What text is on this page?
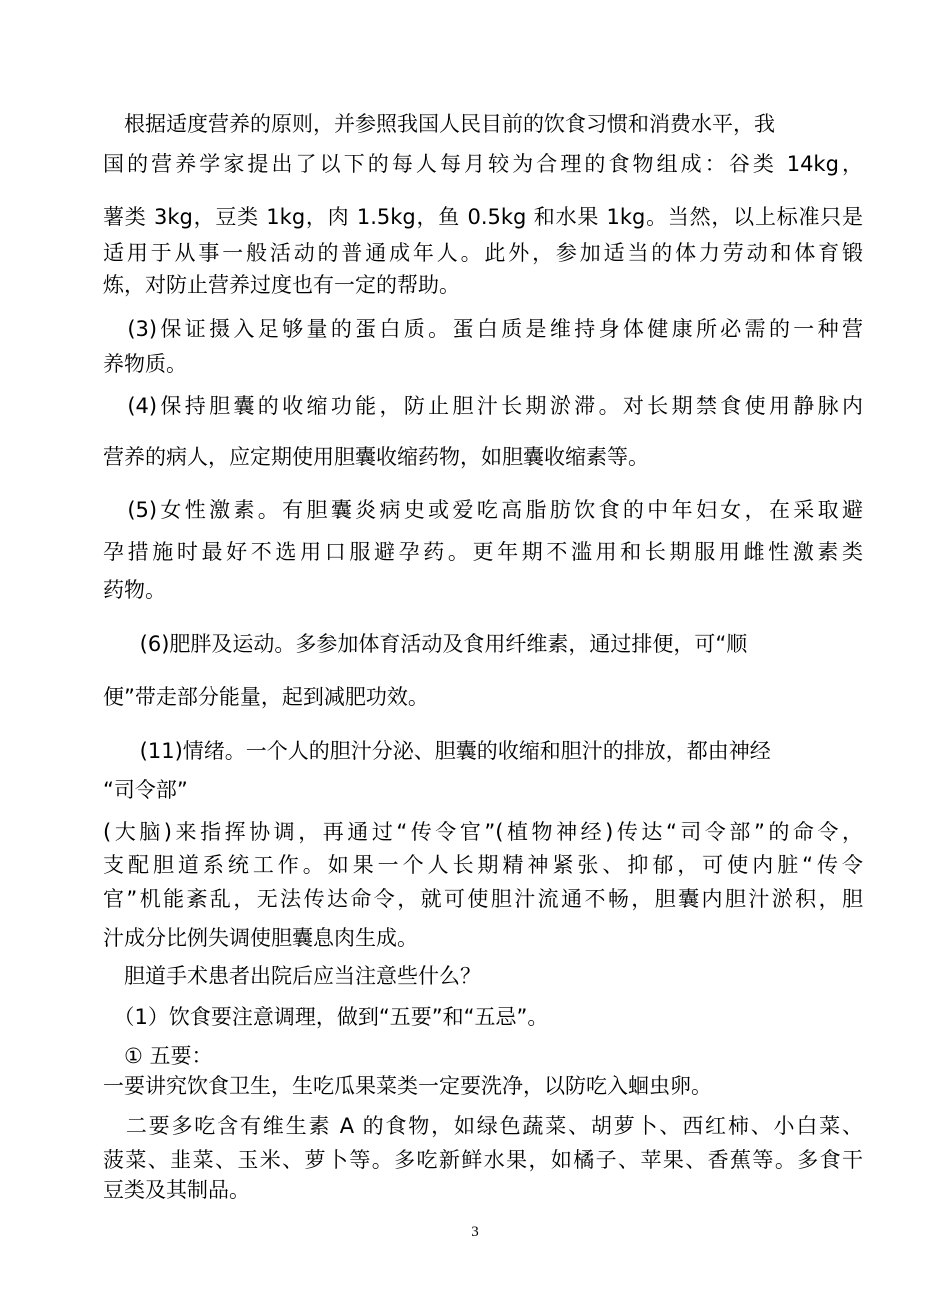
　根据适度营养的原则，并参照我国人民目前的饮食习惯和消费水平，我
国的营养学家提出了以下的每人每月较为合理的食物组成：谷类 14kg，
薯类 3kg，豆类 1kg，肉 1.5kg，鱼 0.5kg 和水果 1kg。当然，以上标准只是
适用于从事一般活动的普通成年人。此外，参加适当的体力劳动和体育锻
炼，对防止营养过度也有一定的帮助。
　(3)保证摄入足够量的蛋白质。蛋白质是维持身体健康所必需的一种营
养物质。
　(4)保持胆囊的收缩功能，防止胆汁长期淤滞。对长期禁食使用静脉内
营养的病人，应定期使用胆囊收缩药物，如胆囊收缩素等。
　(5)女性激素。有胆囊炎病史或爱吃高脂肪饮食的中年妇女，在采取避
孕措施时最好不选用口服避孕药。更年期不滥用和长期服用雌性激素类
药物。
　 (6)肥胖及运动。多参加体育活动及食用纤维素，通过排便，可“顺
便”带走部分能量，起到减肥功效。
　 (11)情绪。一个人的胆汁分泌、胆囊的收缩和胆汁的排放，都由神经
“司令部”
(大脑)来指挥协调，再通过“传令官”(植物神经)传达“司令部”的命令，
支配胆道系统工作。如果一个人长期精神紧张、抑郁，可使内脏“传令
官”机能紊乱，无法传达命令，就可使胆汁流通不畅，胆囊内胆汁淤积，胆
汁成分比例失调使胆囊息肉生成。
　胆道手术患者出院后应当注意些什么？
　（1）饮食要注意调理，做到“五要”和“五忌”。
　① 五要：
一要讲究饮食卫生，生吃瓜果菜类一定要洗净，以防吃入蛔虫卵。
　二要多吃含有维生素 A 的食物，如绿色蔬菜、胡萝卜、西红柿、小白菜、
菠菜、韭菜、玉米、萝卜等。多吃新鲜水果，如橘子、苹果、香蕉等。多食干
豆类及其制品。
3
